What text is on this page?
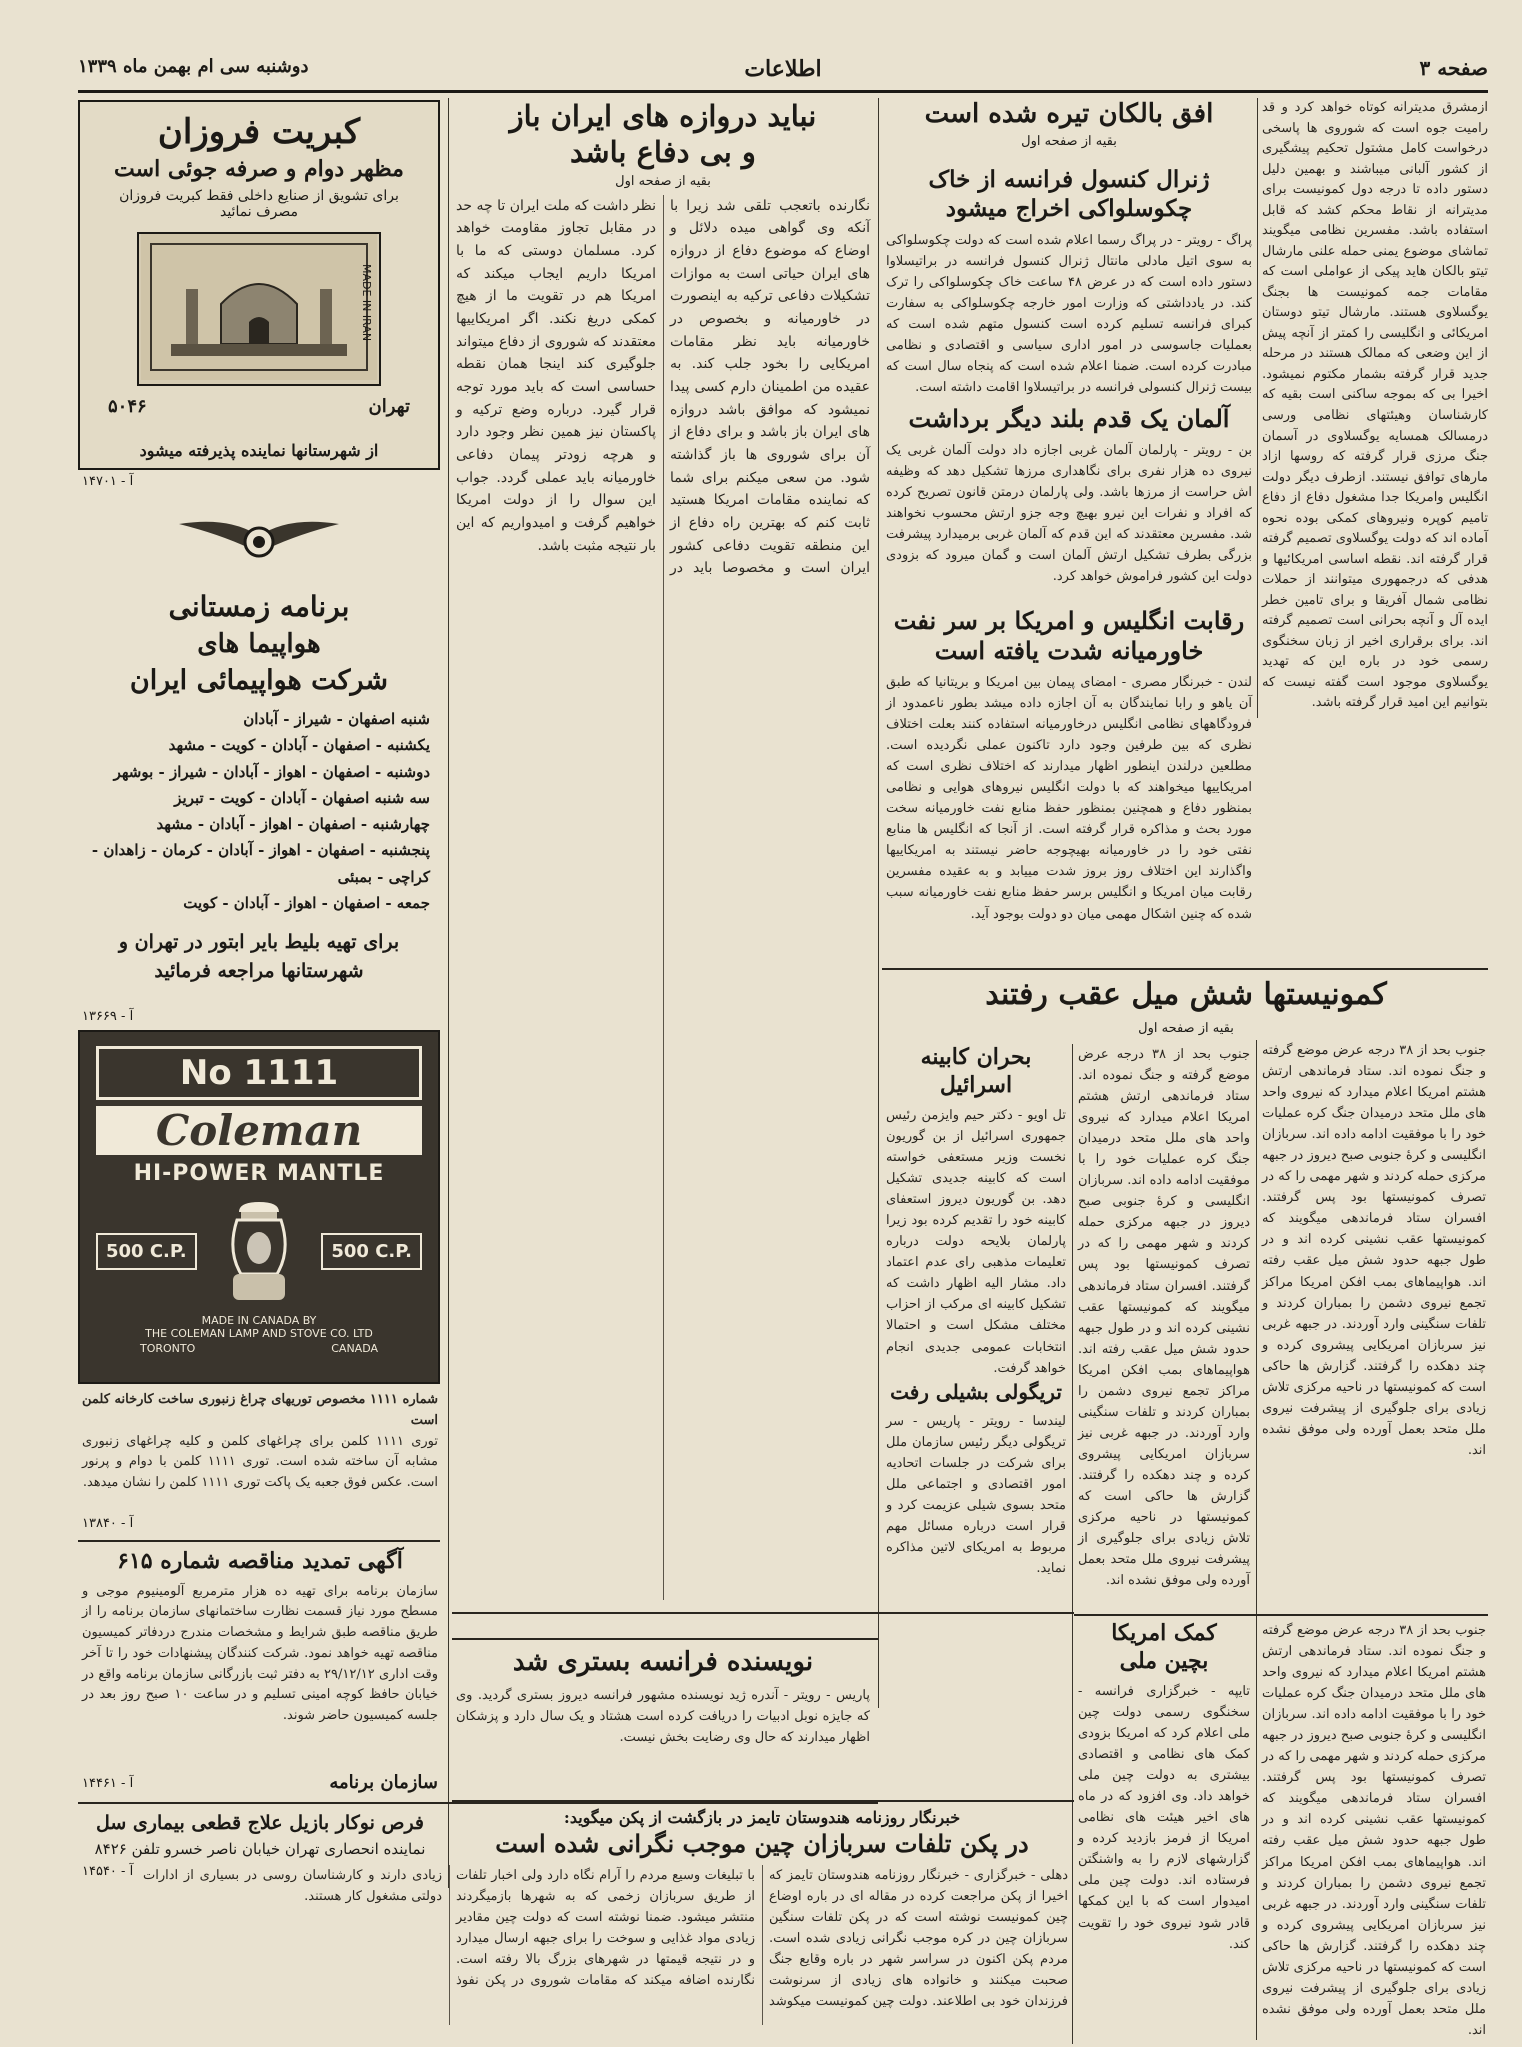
صفحه ۳
اطلاعات
دوشنبه سی ام بهمن ماه ۱۳۳۹
کبریت فروزان
مظهر دوام و صرفه جوئی است
برای تشویق از صنایع داخلی فقط کبریت فروزان مصرف نمائید
MADE IN IRAN
تهران
۵۰۴۶
از شهرستانها نماینده پذیرفته میشود
آ - ۱۴۷۰۱
برنامه زمستانی
هواپیما های
شرکت هواپیمائی ایران
شنبه اصفهان - شیراز - آبادان
یکشنبه - اصفهان - آبادان - کویت - مشهد
دوشنبه - اصفهان - اهواز - آبادان - شیراز - بوشهر
سه شنبه اصفهان - آبادان - کویت - تبریز
چهارشنبه - اصفهان - اهواز - آبادان - مشهد
پنجشنبه - اصفهان - اهواز - آبادان - کرمان - زاهدان - کراچی - بمبئی
جمعه - اصفهان - اهواز - آبادان - کویت
برای تهیه بلیط بایر ابتور در تهران و شهرستانها مراجعه فرمائید
آ - ۱۳۶۶۹
No 1111
Coleman
HI-POWER MANTLE
500 C.P.	500 C.P.
MADE IN CANADA BY
THE COLEMAN LAMP AND STOVE CO. LTD
TORONTO	CANADA
شماره ۱۱۱۱ مخصوص توریهای چراغ زنبوری ساخت کارخانه کلمن است
توری ۱۱۱۱ کلمن برای چراغهای کلمن و کلیه چراغهای زنبوری مشابه آن ساخته شده است. توری ۱۱۱۱ کلمن با دوام و پرنور است. عکس فوق جعبه یک پاکت توری ۱۱۱۱ کلمن را نشان میدهد.
آ - ۱۳۸۴۰
آگهی تمدید مناقصه شماره ۶۱۵
سازمان برنامه برای تهیه ده هزار مترمربع آلومینیوم موجی و مسطح مورد نیاز قسمت نظارت ساختمانهای سازمان برنامه را از طریق مناقصه طبق شرایط و مشخصات مندرج دردفاتر کمیسیون مناقصه تهیه خواهد نمود. شرکت کنندگان پیشنهادات خود را تا آخر وقت اداری ۲۹/۱۲/۱۲ به دفتر ثبت بازرگانی سازمان برنامه واقع در خیابان حافظ کوچه امینی تسلیم و در ساعت ۱۰ صبح روز بعد در جلسه کمیسیون حاضر شوند.
آ - ۱۴۴۶۱	سازمان برنامه
فرص نوکار بازیل علاج قطعی بیماری سل
نماینده انحصاری تهران خیابان ناصر خسرو تلفن ۸۴۲۶
آ - ۱۴۵۴۰
نباید دروازه های ایران باز
و بی دفاع باشد
بقیه از صفحه اول
نگارنده باتعجب تلقی شد زیرا با آنکه وی گواهی میده دلائل و اوضاع که موضوع دفاع از دروازه های ایران حیاتی است به موازات تشکیلات دفاعی ترکیه به اینصورت در خاورمیانه و بخصوص در خاورمیانه باید نظر مقامات امریکایی را بخود جلب کند. به عقیده من اطمینان دارم کسی پیدا نمیشود که موافق باشد دروازه های ایران باز باشد و برای دفاع از آن برای شوروی ها باز گذاشته شود. من سعی میکنم برای شما که نماینده مقامات امریکا هستید ثابت کنم که بهترین راه دفاع از این منطقه تقویت دفاعی کشور ایران است و مخصوصا باید در نظر داشت که ملت ایران تا چه حد در مقابل تجاوز مقاومت خواهد کرد. مسلمان دوستی که ما با امریکا داریم ایجاب میکند که امریکا هم در تقویت ما از هیچ کمکی دریغ نکند. اگر امریکاییها معتقدند که شوروی از دفاع میتواند جلوگیری کند اینجا همان نقطه حساسی است که باید مورد توجه قرار گیرد. درباره وضع ترکیه و پاکستان نیز همین نظر وجود دارد و هرچه زودتر پیمان دفاعی خاورمیانه باید عملی گردد. جواب این سوال را از دولت امریکا خواهیم گرفت و امیدواریم که این بار نتیجه مثبت باشد.
نویسنده فرانسه بستری شد
پاریس - رویتر - آندره ژید نویسنده مشهور فرانسه دیروز بستری گردید. وی که جایزه نوبل ادبیات را دریافت کرده است هشتاد و یک سال دارد و پزشکان اظهار میدارند که حال وی رضایت بخش نیست.
ازمشرق مدیترانه کوتاه خواهد کرد و قد رامیت جوه است که شوروی ها پاسخی درخواست کامل مشتول تحکیم پیشگیری از کشور آلبانی میباشند و بهمین دلیل دستور داده تا درجه دول کمونیست برای مدیترانه از نقاط محکم کشد که قابل استفاده باشد. مفسرین نظامی میگویند تماشای موضوع یمنی حمله علنی مارشال تیتو بالکان هاید پیکی از عواملی است که مقامات جمه کمونیست ها بجنگ یوگسلاوی هستند. مارشال تیتو دوستان امریکائی و انگلیسی را کمتر از آنچه پیش از این وضعی که ممالک هستند در مرحله جدید قرار گرفته بشمار مکتوم نمیشود. اخیرا بی که بموجه ساکنی است بقیه که کارشناسان وهیئتهای نظامی ورسی درمسالک همسایه یوگسلاوی در آسمان جنگ مرزی قرار گرفته که روسها ازاد مارهای توافق نیستند. ازطرف دیگر دولت انگلیس وامریکا جدا مشغول دفاع از دفاع تامیم کوپره ونیروهای کمکی بوده نحوه آماده اند که دولت یوگسلاوی تصمیم گرفته قرار گرفته اند. نقطه اساسی امریکائیها و هدفی که درجمهوری میتوانند از حملات نظامی شمال آفریقا و برای تامین خطر ایده آل و آنچه بحرانی است تصمیم گرفته اند. برای برقراری اخیر از زبان سخنگوی رسمی خود در باره این که تهدید یوگسلاوی موجود است گفته نیست که بتوانیم این امید قرار گرفته باشد.
افق بالکان تیره شده است
بقیه از صفحه اول
ژنرال کنسول فرانسه از خاک
چکوسلواکی اخراج میشود
پراگ - رویتر - در پراگ رسما اعلام شده است که دولت چکوسلواکی به سوی اتیل مادلی مانتال ژنرال کنسول فرانسه در براتیسلاوا دستور داده است که در عرض ۴۸ ساعت خاک چکوسلواکی را ترک کند. در یادداشتی که وزارت امور خارجه چکوسلواکی به سفارت کبرای فرانسه تسلیم کرده است کنسول متهم شده است که بعملیات جاسوسی در امور اداری سیاسی و اقتصادی و نظامی مبادرت کرده است. ضمنا اعلام شده است که پنجاه سال است که بیست ژنرال کنسولی فرانسه در براتیسلاوا اقامت داشته است.
آلمان یک قدم بلند دیگر برداشت
بن - رویتر - پارلمان آلمان غربی اجازه داد دولت آلمان غربی یک نیروی ده هزار نفری برای نگاهداری مرزها تشکیل دهد که وظیفه اش حراست از مرزها باشد. ولی پارلمان درمتن قانون تصریح کرده که افراد و نفرات این نیرو بهیچ وجه جزو ارتش محسوب نخواهند شد. مفسرین معتقدند که این قدم که آلمان غربی برمیدارد پیشرفت بزرگی بطرف تشکیل ارتش آلمان است و گمان میرود که بزودی دولت این کشور فراموش خواهد کرد.
رقابت انگلیس و امریکا بر سر نفت
خاورمیانه شدت یافته است
لندن - خبرنگار مصری - امضای پیمان بین امریکا و بریتانیا که طبق آن یاهو و رابا نمایندگان به آن اجازه داده میشد بطور ناعمدود از فرودگاههای نظامی انگلیس درخاورمیانه استفاده کنند بعلت اختلاف نظری که بین طرفین وجود دارد تاکنون عملی نگردیده است. مطلعین درلندن اینطور اظهار میدارند که اختلاف نظری است که امریکاییها میخواهند که با دولت انگلیس نیروهای هوایی و نظامی بمنظور دفاع و همچنین بمنظور حفظ منابع نفت خاورمیانه سخت مورد بحث و مذاکره قرار گرفته است. از آنجا که انگلیس ها منابع نفتی خود را در خاورمیانه بهیچوجه حاضر نیستند به امریکاییها واگذارند این اختلاف روز بروز شدت مییابد و به عقیده مفسرین رقابت میان امریکا و انگلیس برسر حفظ منابع نفت خاورمیانه سبب شده که چنین اشکال مهمی میان دو دولت بوجود آید.
کمونیستها شش میل عقب رفتند
بقیه از صفحه اول
جنوب بحد از ۳۸ درجه عرض موضع گرفته و جنگ نموده اند. ستاد فرماندهی ارتش هشتم امریکا اعلام میدارد که نیروی واحد های ملل متحد درمیدان جنگ کره عملیات خود را با موفقیت ادامه داده اند. سربازان انگلیسی و کرهٔ جنوبی صبح دیروز در جبهه مرکزی حمله کردند و شهر مهمی را که در تصرف کمونیستها بود پس گرفتند. افسران ستاد فرماندهی میگویند که کمونیستها عقب نشینی کرده اند و در طول جبهه حدود شش میل عقب رفته اند. هواپیماهای بمب افکن امریکا مراکز تجمع نیروی دشمن را بمباران کردند و تلفات سنگینی وارد آوردند. در جبهه غربی نیز سربازان امریکایی پیشروی کرده و چند دهکده را گرفتند. گزارش ها حاکی است که کمونیستها در ناحیه مرکزی تلاش زیادی برای جلوگیری از پیشرفت نیروی ملل متحد بعمل آورده ولی موفق نشده اند.
بحران کابینه
اسرائیل
تل اویو - دکتر حیم وایزمن رئیس جمهوری اسرائیل از بن گوریون نخست وزیر مستعفی خواسته است که کابینه جدیدی تشکیل دهد. بن گوریون دیروز استعفای کابینه خود را تقدیم کرده بود زیرا پارلمان بلایحه دولت درباره تعلیمات مذهبی رای عدم اعتماد داد. مشار الیه اظهار داشت که تشکیل کابینه ای مرکب از احزاب مختلف مشکل است و احتمالا انتخابات عمومی جدیدی انجام خواهد گرفت.
تریگولی بشیلی رفت
لیندسا - رویتر - پاریس - سر تریگولی دیگر رئیس سازمان ملل برای شرکت در جلسات اتحادیه امور اقتصادی و اجتماعی ملل متحد بسوی شیلی عزیمت کرد و قرار است درباره مسائل مهم مربوط به امریکای لاتین مذاکره نماید.
جنوب بحد از ۳۸ درجه عرض موضع گرفته و جنگ نموده اند. ستاد فرماندهی ارتش هشتم امریکا اعلام میدارد که نیروی واحد های ملل متحد درمیدان جنگ کره عملیات خود را با موفقیت ادامه داده اند. سربازان انگلیسی و کرهٔ جنوبی صبح دیروز در جبهه مرکزی حمله کردند و شهر مهمی را که در تصرف کمونیستها بود پس گرفتند. افسران ستاد فرماندهی میگویند که کمونیستها عقب نشینی کرده اند و در طول جبهه حدود شش میل عقب رفته اند. هواپیماهای بمب افکن امریکا مراکز تجمع نیروی دشمن را بمباران کردند و تلفات سنگینی وارد آوردند. در جبهه غربی نیز سربازان امریکایی پیشروی کرده و چند دهکده را گرفتند. گزارش ها حاکی است که کمونیستها در ناحیه مرکزی تلاش زیادی برای جلوگیری از پیشرفت نیروی ملل متحد بعمل آورده ولی موفق نشده اند.
کمک امریکا
بچین ملی
تایپه - خبرگزاری فرانسه - سخنگوی رسمی دولت چین ملی اعلام کرد که امریکا بزودی کمک های نظامی و اقتصادی بیشتری به دولت چین ملی خواهد داد. وی افزود که در ماه های اخیر هیئت های نظامی امریکا از فرمز بازدید کرده و گزارشهای لازم را به واشنگتن فرستاده اند. دولت چین ملی امیدوار است که با این کمکها قادر شود نیروی خود را تقویت کند.
جنوب بحد از ۳۸ درجه عرض موضع گرفته و جنگ نموده اند. ستاد فرماندهی ارتش هشتم امریکا اعلام میدارد که نیروی واحد های ملل متحد درمیدان جنگ کره عملیات خود را با موفقیت ادامه داده اند. سربازان انگلیسی و کرهٔ جنوبی صبح دیروز در جبهه مرکزی حمله کردند و شهر مهمی را که در تصرف کمونیستها بود پس گرفتند. افسران ستاد فرماندهی میگویند که کمونیستها عقب نشینی کرده اند و در طول جبهه حدود شش میل عقب رفته اند. هواپیماهای بمب افکن امریکا مراکز تجمع نیروی دشمن را بمباران کردند و تلفات سنگینی وارد آوردند. در جبهه غربی نیز سربازان امریکایی پیشروی کرده و چند دهکده را گرفتند. گزارش ها حاکی است که کمونیستها در ناحیه مرکزی تلاش زیادی برای جلوگیری از پیشرفت نیروی ملل متحد بعمل آورده ولی موفق نشده اند.
خبرنگار روزنامه هندوستان تایمز در بازگشت از پکن میگوید:
در پکن تلفات سربازان چین موجب نگرانی شده است
دهلی - خبرگزاری - خبرنگار روزنامه هندوستان تایمز که اخیرا از پکن مراجعت کرده در مقاله ای در باره اوضاع چین کمونیست نوشته است که در پکن تلفات سنگین سربازان چین در کره موجب نگرانی زیادی شده است. مردم پکن اکنون در سراسر شهر در باره وقایع جنگ صحبت میکنند و خانواده های زیادی از سرنوشت فرزندان خود بی اطلاعند. دولت چین کمونیست میکوشد با تبلیغات وسیع مردم را آرام نگاه دارد ولی اخبار تلفات از طریق سربازان زخمی که به شهرها بازمیگردند منتشر میشود. ضمنا نوشته است که دولت چین مقادیر زیادی مواد غذایی و سوخت را برای جبهه ارسال میدارد و در نتیجه قیمتها در شهرهای بزرگ بالا رفته است. نگارنده اضافه میکند که مقامات شوروی در پکن نفوذ زیادی دارند و کارشناسان روسی در بسیاری از ادارات دولتی مشغول کار هستند.
